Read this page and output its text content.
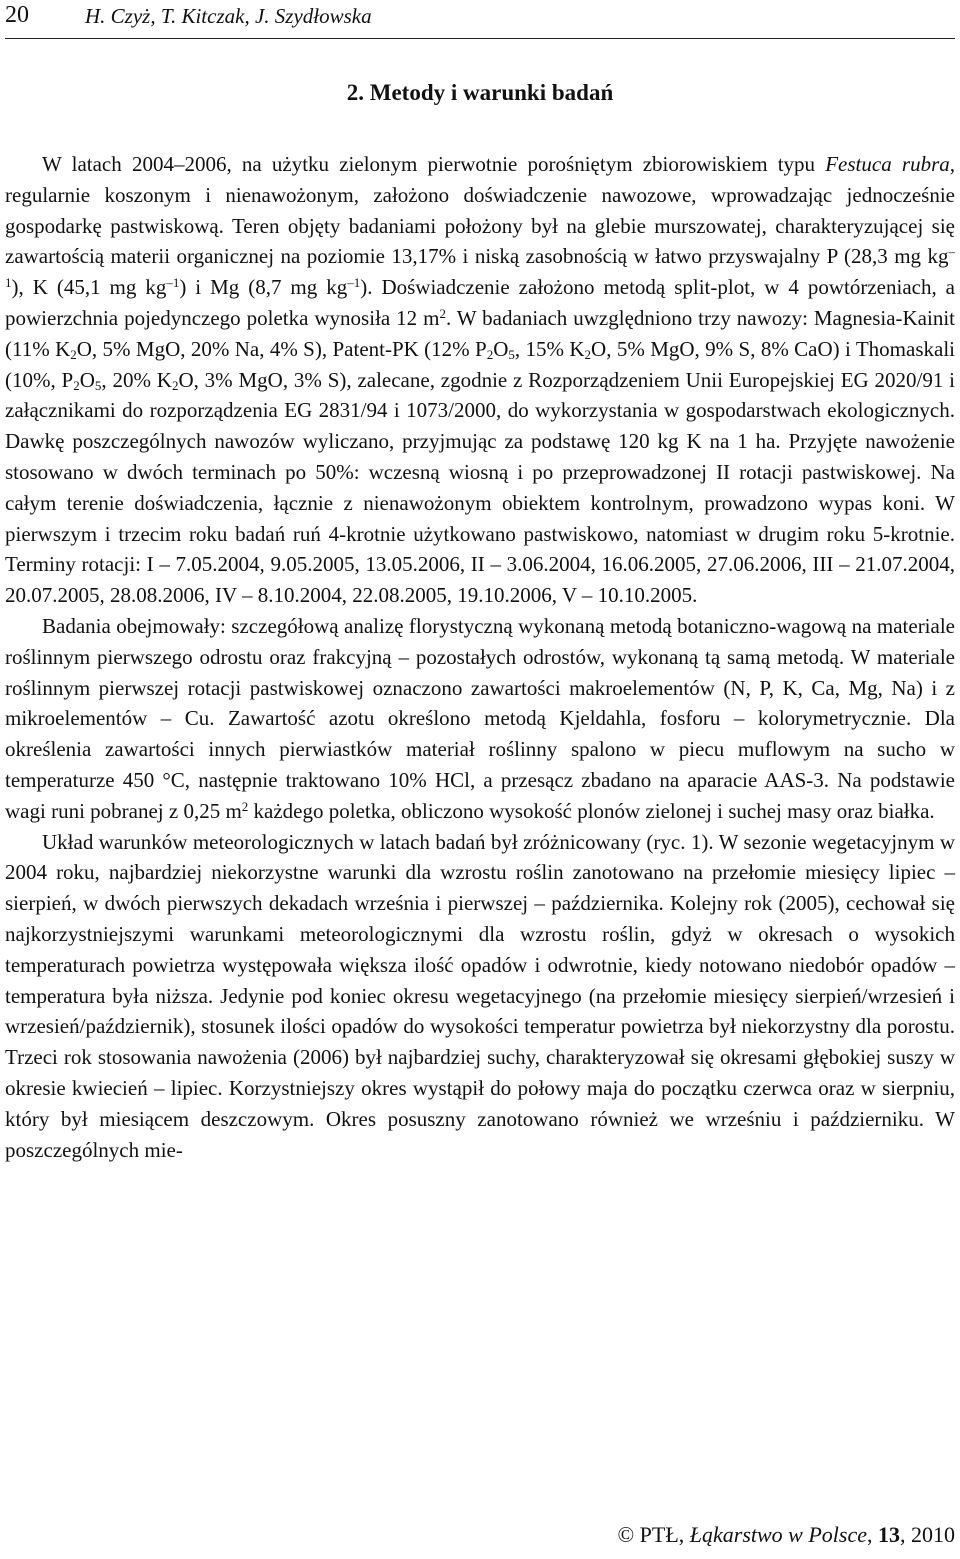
20	H. Czyż, T. Kitczak, J. Szydłowska
2. Metody i warunki badań

W latach 2004–2006, na użytku zielonym pierwotnie porośniętym zbiorowiskiem typu Festuca rubra, regularnie koszonym i nienawożonym, założono doświadczenie nawozowe, wprowadzając jednocześnie gospodarkę pastwiskową. Teren objęty badaniami położony był na glebie murszowatej, charakteryzującej się zawartością materii organicznej na poziomie 13,17% i niską zasobnością w łatwo przyswajalny P (28,3 mg $kg^{-1}$), K (45,1 mg $kg^{-1}$) i Mg (8,7 mg $kg^{-1}$). Doświadczenie założono metodą split-plot, w 4 powtórzeniach, a powierzchnia pojedynczego poletka wynosiła 12 $m^2$. W badaniach uwzględniono trzy nawozy: Magnesia-Kainit (11% $K_2O$, 5% MgO, 20% Na, 4% S), Patent-PK (12% $P_2O_5$, 15% $K_2O$, 5% MgO, 9% S, 8% CaO) i Thomaskali (10%, $P_2O_5$, 20% $K_2O$, 3% MgO, 3% S), zalecane, zgodnie z Rozporządzeniem Unii Europejskiej EG 2020/91 i załącznikami do rozporządzenia EG 2831/94 i 1073/2000, do wykorzystania w gospodarstwach ekologicznych. Dawkę poszczególnych nawozów wyliczano, przyjmując za podstawę 120 kg K na 1 ha. Przyjęte nawożenie stosowano w dwóch terminach po 50%: wczesną wiosną i po przeprowadzonej II rotacji pastwiskowej. Na całym terenie doświadczenia, łącznie z nienawożonym obiektem kontrolnym, prowadzono wypas koni. W pierwszym i trzecim roku badań ruń 4-krotnie użytkowano pastwiskowo, natomiast w drugim roku 5-krotnie. Terminy rotacji: I – 7.05.2004, 9.05.2005, 13.05.2006, II – 3.06.2004, 16.06.2005, 27.06.2006, III – 21.07.2004, 20.07.2005, 28.08.2006, IV – 8.10.2004, 22.08.2005, 19.10.2006, V – 10.10.2005.

Badania obejmowały: szczegółową analizę florystyczną wykonaną metodą botaniczno-wagową na materiale roślinnym pierwszego odrostu oraz frakcyjną – pozostałych odrostów, wykonaną tą samą metodą. W materiale roślinnym pierwszej rotacji pastwiskowej oznaczono zawartości makroelementów (N, P, K, Ca, Mg, Na) i z mikroelementów – Cu. Zawartość azotu określono metodą Kjeldahla, fosforu – kolorymetrycznie. Dla określenia zawartości innych pierwiastków materiał roślinny spalono w piecu muflowym na sucho w temperaturze 450 °C, następnie traktowano 10% HCl, a przesącz zbadano na aparacie AAS-3. Na podstawie wagi runi pobranej z 0,25 $m^2$ każdego poletka, obliczono wysokość plonów zielonej i suchej masy oraz białka.

Układ warunków meteorologicznych w latach badań był zróżnicowany (ryc. 1). W sezonie wegetacyjnym w 2004 roku, najbardziej niekorzystne warunki dla wzrostu roślin zanotowano na przełomie miesięcy lipiec – sierpień, w dwóch pierwszych dekadach września i pierwszej – października. Kolejny rok (2005), cechował się najkorzystniejszymi warunkami meteorologicznymi dla wzrostu roślin, gdyż w okresach o wysokich temperaturach powietrza występowała większa ilość opadów i odwrotnie, kiedy notowano niedobór opadów – temperatura była niższa. Jedynie pod koniec okresu wegetacyjnego (na przełomie miesięcy sierpień/wrzesień i wrzesień/październik), stosunek ilości opadów do wysokości temperatur powietrza był niekorzystny dla porostu. Trzeci rok stosowania nawożenia (2006) był najbardziej suchy, charakteryzował się okresami głębokiej suszy w okresie kwiecień – lipiec. Korzystniejszy okres wystąpił do połowy maja do początku czerwca oraz w sierpniu, który był miesiącem deszczowym. Okres posuszny zanotowano również we wrześniu i październiku. W poszczególnych mie-

© PTŁ, Łąkarstwo w Polsce, 13, 2010
